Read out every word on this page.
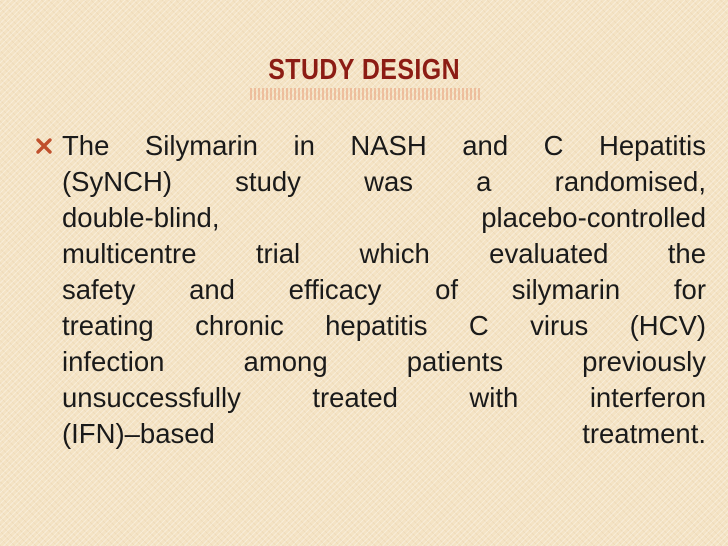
STUDY DESIGN
The Silymarin in NASH and C Hepatitis
(SyNCH) study was a randomised,
double-blind, placebo-controlled
multicentre trial which evaluated the
safety and efficacy of silymarin for
treating chronic hepatitis C virus (HCV)
infection among patients previously
unsuccessfully treated with interferon
(IFN)–based treatment.
